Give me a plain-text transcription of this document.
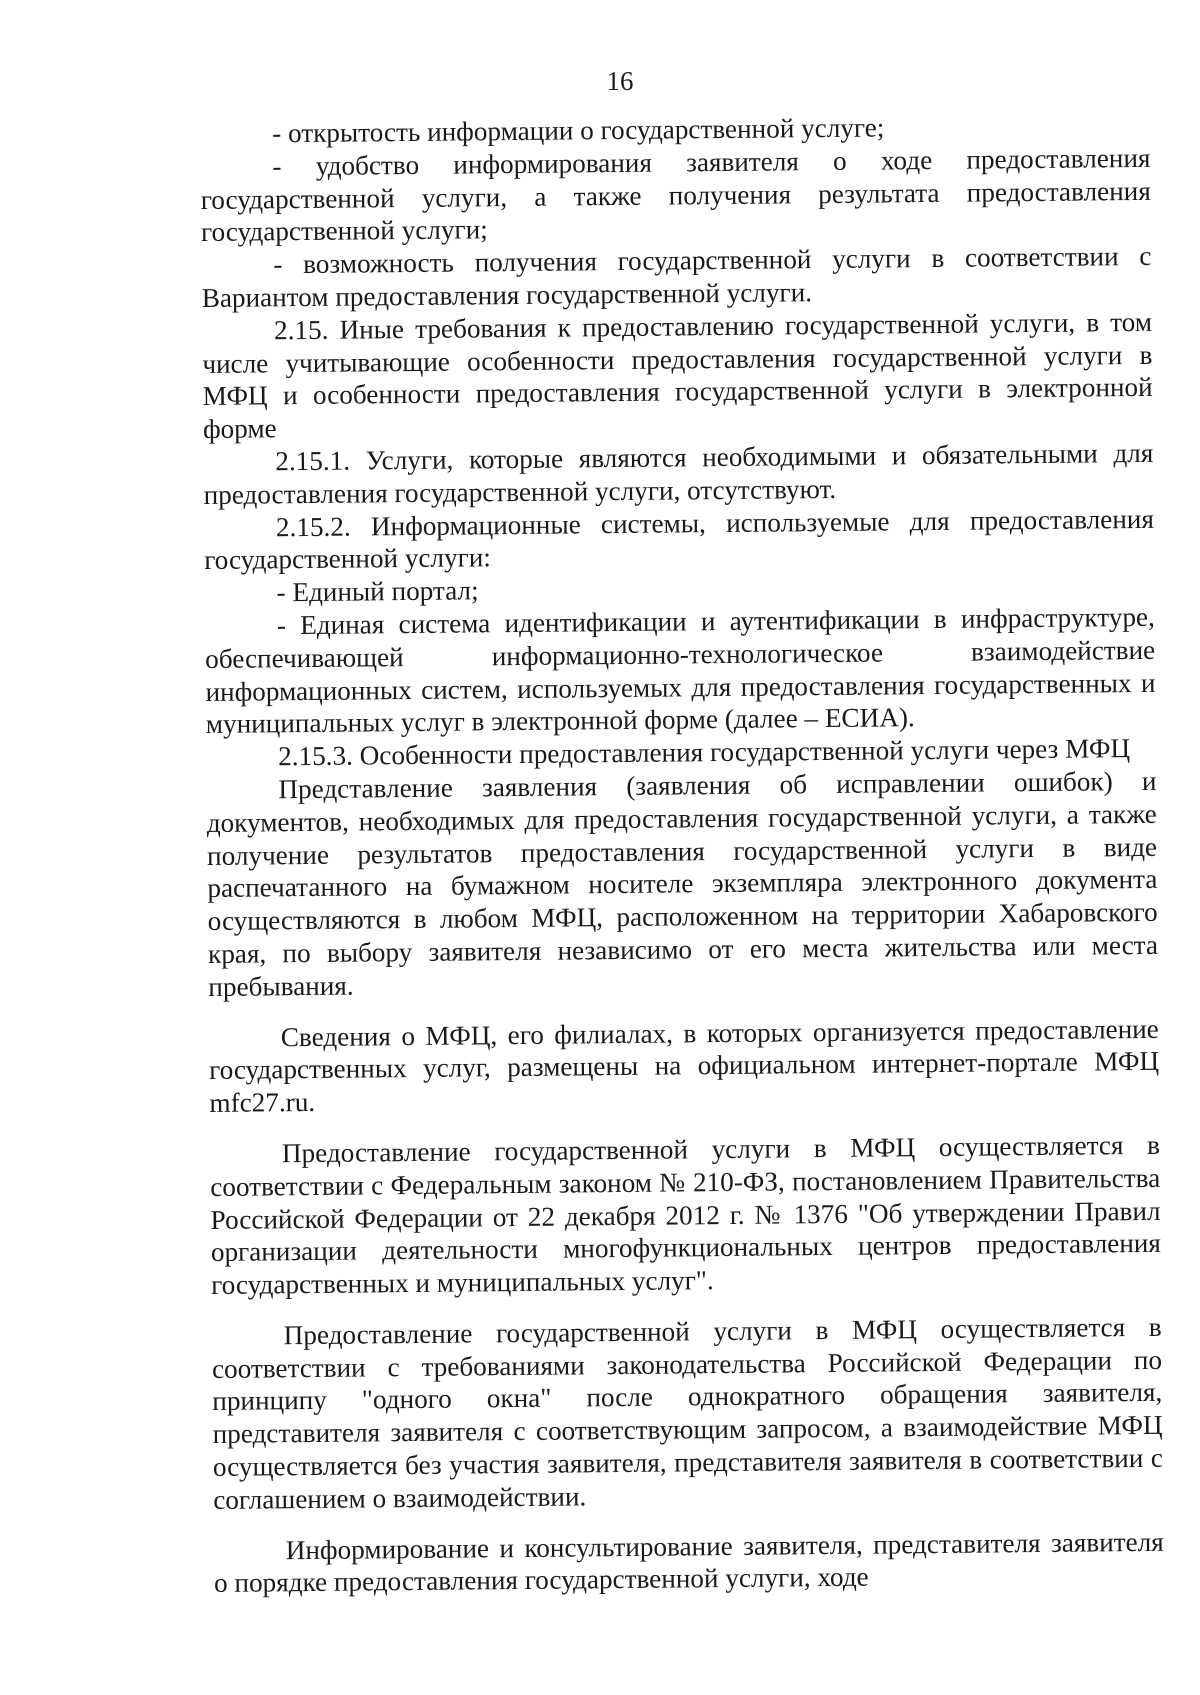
16

- открытость информации о государственной услуге;

- удобство информирования заявителя о ходе предоставления государственной услуги, а также получения результата предоставления государственной услуги;

- возможность получения государственной услуги в соответствии с Вариантом предоставления государственной услуги.

2.15. Иные требования к предоставлению государственной услуги, в том числе учитывающие особенности предоставления государственной услуги в МФЦ и особенности предоставления государственной услуги в электронной форме

2.15.1. Услуги, которые являются необходимыми и обязательными для предоставления государственной услуги, отсутствуют.

2.15.2. Информационные системы, используемые для предоставления государственной услуги:

- Единый портал;

- Единая система идентификации и аутентификации в инфраструктуре, обеспечивающей информационно-технологическое взаимодействие информационных систем, используемых для предоставления государственных и муниципальных услуг в электронной форме (далее – ЕСИА).

2.15.3. Особенности предоставления государственной услуги через МФЦ

Представление заявления (заявления об исправлении ошибок) и документов, необходимых для предоставления государственной услуги, а также получение результатов предоставления государственной услуги в виде распечатанного на бумажном носителе экземпляра электронного документа осуществляются в любом МФЦ, расположенном на территории Хабаровского края, по выбору заявителя независимо от его места жительства или места пребывания.

Сведения о МФЦ, его филиалах, в которых организуется предоставление государственных услуг, размещены на официальном интернет-портале МФЦ mfc27.ru.

Предоставление государственной услуги в МФЦ осуществляется в соответствии с Федеральным законом № 210-ФЗ, постановлением Правительства Российской Федерации от 22 декабря 2012 г. № 1376 "Об утверждении Правил организации деятельности многофункциональных центров предоставления государственных и муниципальных услуг".

Предоставление государственной услуги в МФЦ осуществляется в соответствии с требованиями законодательства Российской Федерации по принципу "одного окна" после однократного обращения заявителя, представителя заявителя с соответствующим запросом, а взаимодействие МФЦ осуществляется без участия заявителя, представителя заявителя в соответствии с соглашением о взаимодействии.

Информирование и консультирование заявителя, представителя заявителя о порядке предоставления государственной услуги, ходе
